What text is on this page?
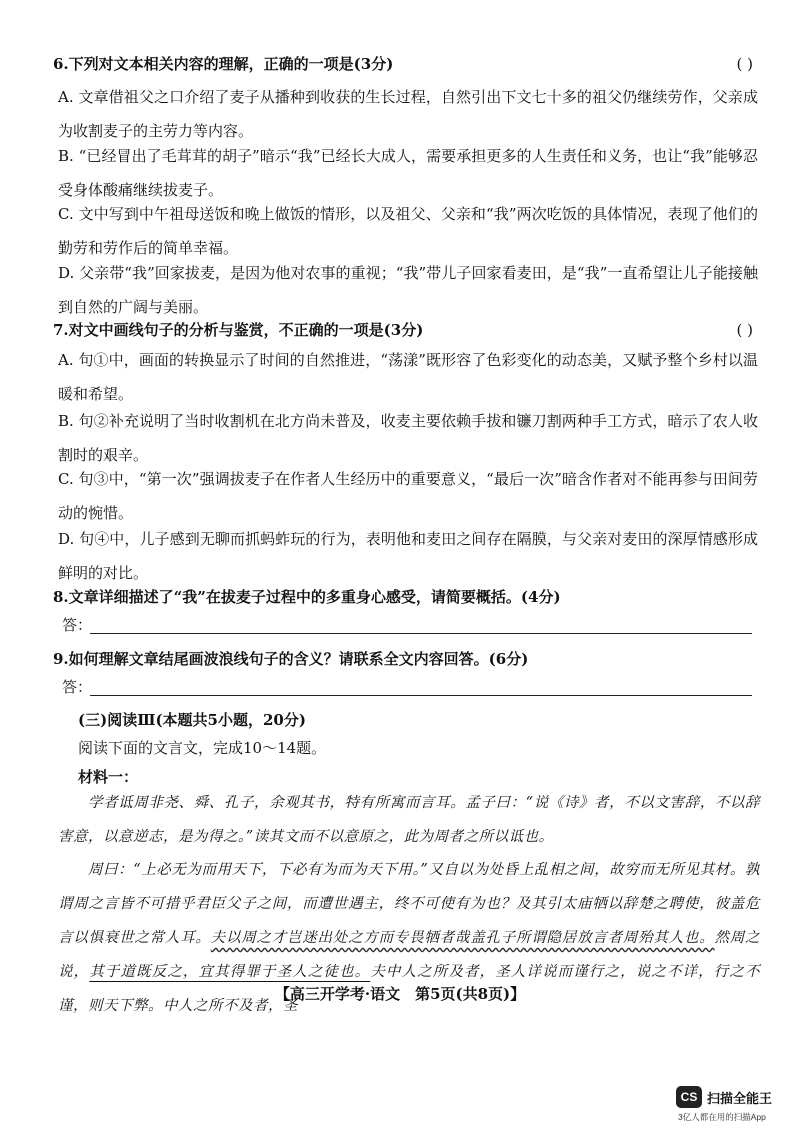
6.下列对文本相关内容的理解，正确的一项是(3分)	( )
A. 文章借祖父之口介绍了麦子从播种到收获的生长过程，自然引出下文七十多的祖父仍继续劳作，父亲成为收割麦子的主劳力等内容。
B. “已经冒出了毛茸茸的胡子”暗示“我”已经长大成人，需要承担更多的人生责任和义务，也让“我”能够忍受身体酸痛继续拔麦子。
C. 文中写到中午祖母送饭和晚上做饭的情形，以及祖父、父亲和“我”两次吃饭的具体情况，表现了他们的勤劳和劳作后的简单幸福。
D. 父亲带“我”回家拔麦，是因为他对农事的重视；“我”带儿子回家看麦田，是“我”一直希望让儿子能接触到自然的广阔与美丽。
7.对文中画线句子的分析与鉴赏，不正确的一项是(3分)	( )
A. 句①中，画面的转换显示了时间的自然推进，“荡漾”既形容了色彩变化的动态美，又赋予整个乡村以温暖和希望。
B. 句②补充说明了当时收割机在北方尚未普及，收麦主要依赖手拔和镰刀割两种手工方式，暗示了农人收割时的艰辛。
C. 句③中，“第一次”强调拔麦子在作者人生经历中的重要意义，“最后一次”暗含作者对不能再参与田间劳动的惋惜。
D. 句④中，儿子感到无聊而抓蚂蚱玩的行为，表明他和麦田之间存在隔膜，与父亲对麦田的深厚情感形成鲜明的对比。
8.文章详细描述了“我”在拔麦子过程中的多重身心感受，请简要概括。(4分)
答：
9.如何理解文章结尾画波浪线句子的含义？请联系全文内容回答。(6分)
答：
(三)阅读Ⅲ(本题共5小题，20分)
阅读下面的文言文，完成10～14题。
材料一：
学者诋周非尧、舜、孔子，余观其书，特有所寓而言耳。孟子曰：“说《诗》者，不以文害辞，不以辞害意，以意逆志，是为得之。”读其文而不以意原之，此为周者之所以诋也。
周曰：“上必无为而用天下，下必有为而为天下用。”又自以为处昏上乱相之间，故穷而无所见其材。孰谓周之言皆不可措乎君臣父子之间，而遭世遇主，终不可使有为也？及其引太庙牺以辞楚之聘使，彼盖危言以惧衰世之常人耳。夫以周之才岂迷出处之方而专畏牺者哉盖孔子所谓隐居放言者周殆其人也。然周之说，其于道既反之，宜其得罪于圣人之徒也。夫中人之所及者，圣人详说而谨行之，说之不详，行之不谨，则天下弊。中人之所不及者，圣
【高三开学考·语文　第5页(共8页)】
CS 扫描全能王
3亿人都在用的扫描App
